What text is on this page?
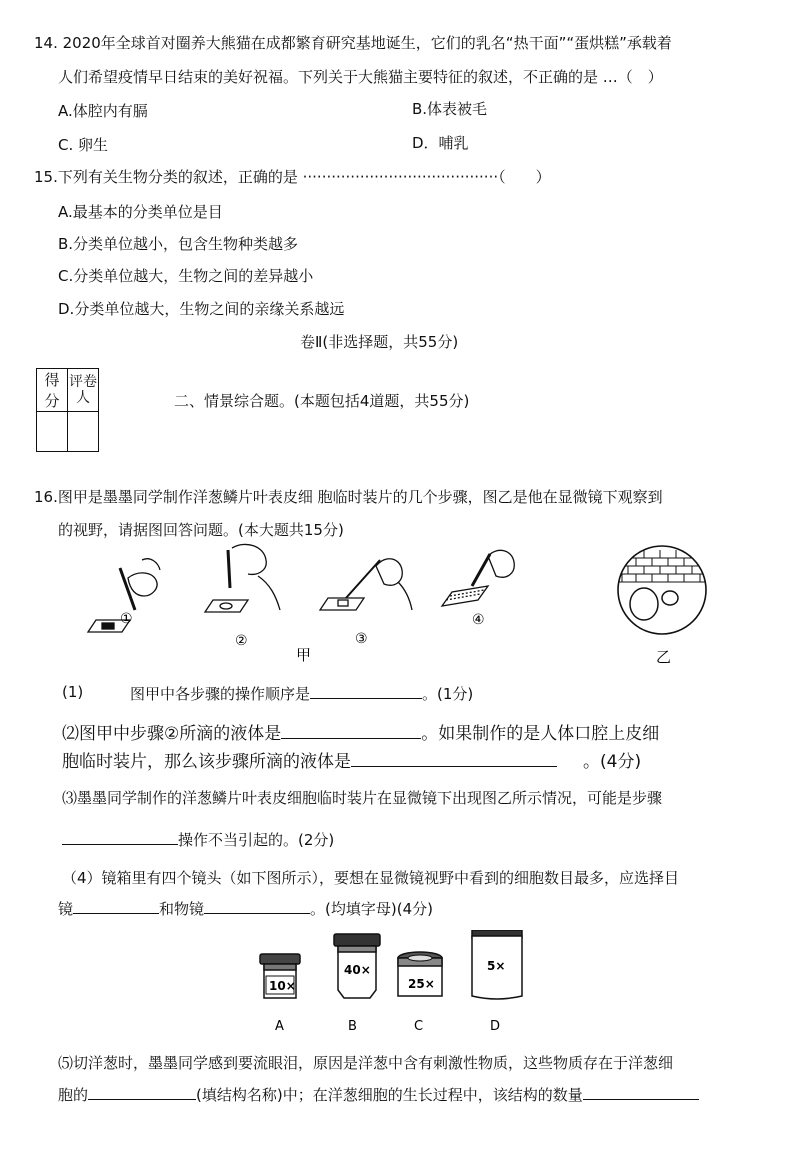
14. 2020年全球首对圈养大熊猫在成都繁育研究基地诞生，它们的乳名“热干面”“蛋烘糕”承载着
人们希望疫情早日结束的美好祝福。下列关于大熊猫主要特征的叙述，不正确的是 …（　）
A.体腔内有膈	B.体表被毛
C. 卵生	D．哺乳
15.下列有关生物分类的叙述，正确的是 ·········································（　　）
A.最基本的分类单位是目
B.分类单位越小，包含生物种类越多
C.分类单位越大，生物之间的差异越小
D.分类单位越大，生物之间的亲缘关系越远
卷Ⅱ(非选择题，共55分)
得分	评卷人
		二、情景综合题。(本题包括4道题，共55分)
16.图甲是墨墨同学制作洋葱鳞片叶表皮细 胞临时装片的几个步骤，图乙是他在显微镜下观察到
的视野，请据图回答问题。(本大题共15分)
①
②	③
④
甲	乙
(1)	图甲中各步骤的操作顺序是	。(1分)
⑵图甲中步骤②所滴的液体是	。如果制作的是人体口腔上皮细
胞临时装片，那么该步骤所滴的液体是	。(4分)
⑶墨墨同学制作的洋葱鳞片叶表皮细胞临时装片在显微镜下出现图乙所示情况，可能是步骤
操作不当引起的。(2分)
（4）镜箱里有四个镜头（如下图所示），要想在显微镜视野中看到的细胞数目最多，应选择目
镜	和物镜	。(均填字母)(4分)
10×
A
40×
B
25×
C
5×
D
⑸切洋葱时，墨墨同学感到要流眼泪，原因是洋葱中含有刺激性物质，这些物质存在于洋葱细
胞的	(填结构名称)中；在洋葱细胞的生长过程中，该结构的数量
